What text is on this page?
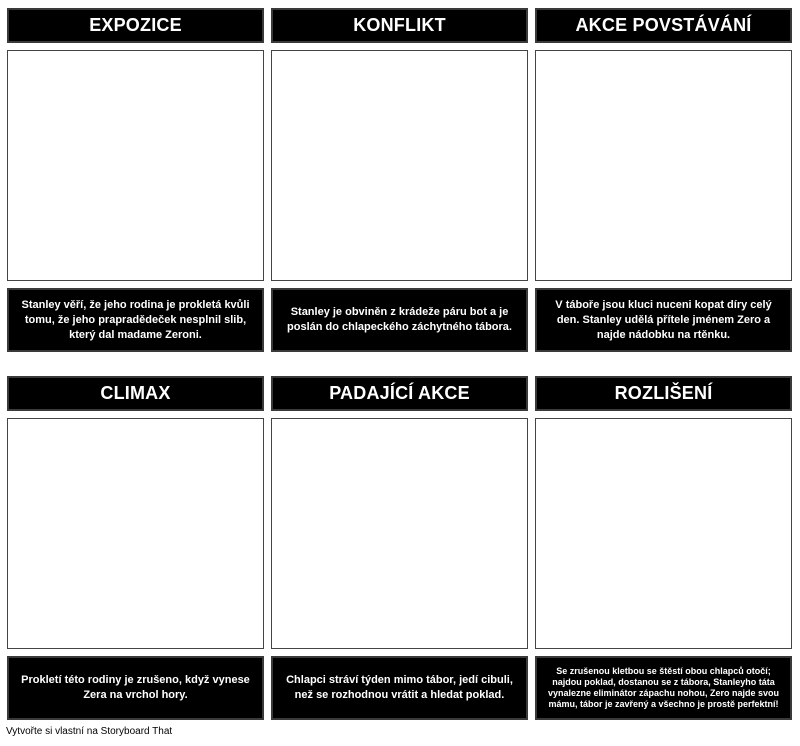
EXPOZICE
Stanley věří, že jeho rodina je prokletá kvůli tomu, že jeho prapradědeček nesplnil slib, který dal madame Zeroni.
KONFLIKT
Stanley je obviněn z krádeže páru bot a je poslán do chlapeckého záchytného tábora.
AKCE POVSTÁVÁNÍ
V táboře jsou kluci nuceni kopat díry celý den. Stanley udělá přítele jménem Zero a najde nádobku na rtěnku.
CLIMAX
Prokletí této rodiny je zrušeno, když vynese Zera na vrchol hory.
PADAJÍCÍ AKCE
Chlapci stráví týden mimo tábor, jedí cibuli, než se rozhodnou vrátit a hledat poklad.
ROZLIŠENÍ
Se zrušenou kletbou se štěstí obou chlapců otočí; najdou poklad, dostanou se z tábora, Stanleyho táta vynalezne eliminátor zápachu nohou, Zero najde svou mámu, tábor je zavřený a všechno je prostě perfektní!
Vytvořte si vlastní na Storyboard That
